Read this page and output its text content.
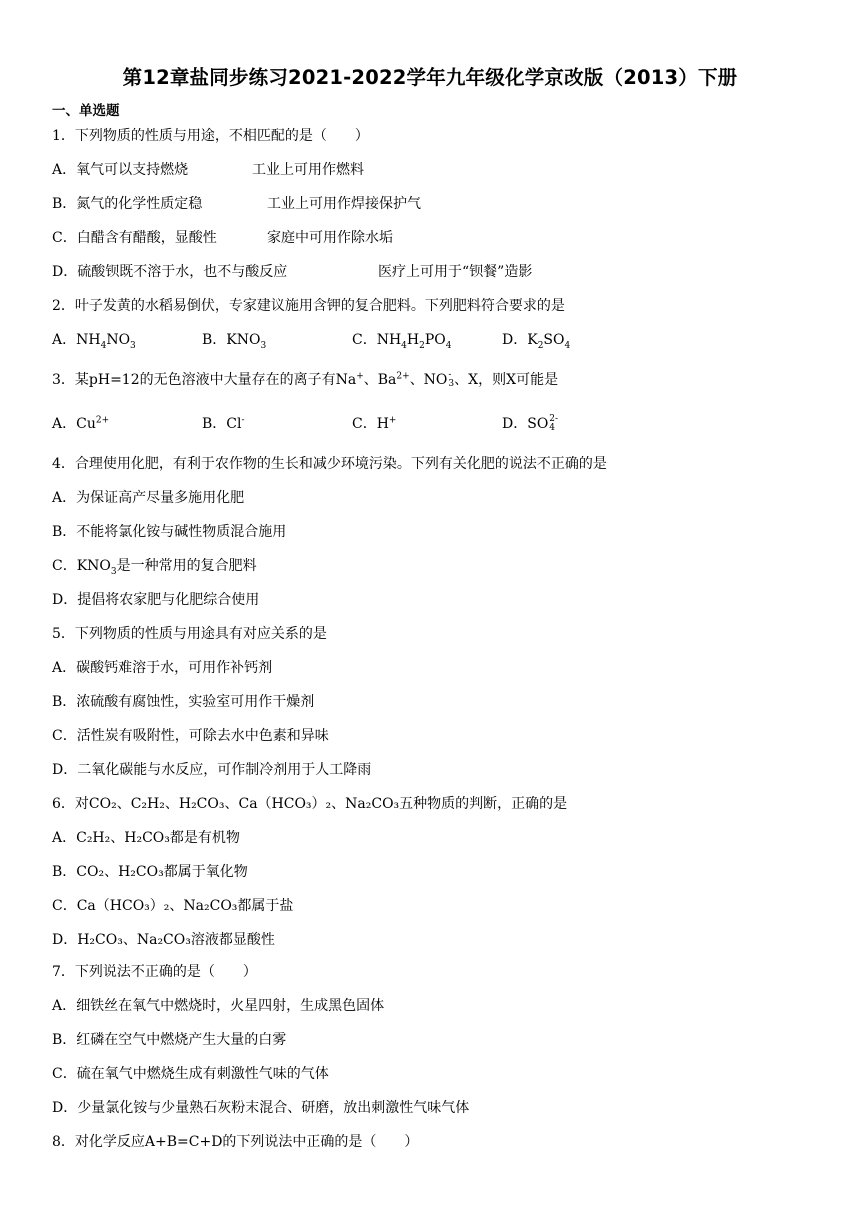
第12章盐同步练习2021-2022学年九年级化学京改版（2013）下册
一、单选题
1．下列物质的性质与用途，不相匹配的是（　　）
A．氧气可以支持燃烧	工业上可用作燃料
B．氮气的化学性质定稳	工业上可用作焊接保护气
C．白醋含有醋酸，显酸性	家庭中可用作除水垢
D．硫酸钡既不溶于水，也不与酸反应	医疗上可用于“钡餐”造影
2．叶子发黄的水稻易倒伏，专家建议施用含钾的复合肥料。下列肥料符合要求的是
A．$NH_4NO_3$	B．$KNO_3$	C．$NH_4H_2PO_4$	D．$K_2SO_4$
3．某pH=12的无色溶液中大量存在的离子有Na+、$Ba^{2+}$、NO -
3 、X，则X可能是
A．$Cu^{2+}$	B．Cl-	C．H+	D．SO 2-
4
4．合理使用化肥，有利于农作物的生长和减少环境污染。下列有关化肥的说法不正确的是
A．为保证高产尽量多施用化肥
B．不能将氯化铵与碱性物质混合施用
C．$KNO_3$是一种常用的复合肥料
D．提倡将农家肥与化肥综合使用
5．下列物质的性质与用途具有对应关系的是
A．碳酸钙难溶于水，可用作补钙剂
B．浓硫酸有腐蚀性，实验室可用作干燥剂
C．活性炭有吸附性，可除去水中色素和异味
D．二氧化碳能与水反应，可作制冷剂用于人工降雨
6．对CO₂、C₂H₂、H₂CO₃、Ca（HCO₃）₂、Na₂CO₃五种物质的判断，正确的是
A．C₂H₂、H₂CO₃都是有机物
B．CO₂、H₂CO₃都属于氧化物
C．Ca（HCO₃）₂、Na₂CO₃都属于盐
D．H₂CO₃、Na₂CO₃溶液都显酸性
7．下列说法不正确的是（　　）
A．细铁丝在氧气中燃烧时，火星四射，生成黑色固体
B．红磷在空气中燃烧产生大量的白雾
C．硫在氧气中燃烧生成有刺激性气味的气体
D．少量氯化铵与少量熟石灰粉末混合、研磨，放出刺激性气味气体
8．对化学反应A+B=C+D的下列说法中正确的是（　　）
